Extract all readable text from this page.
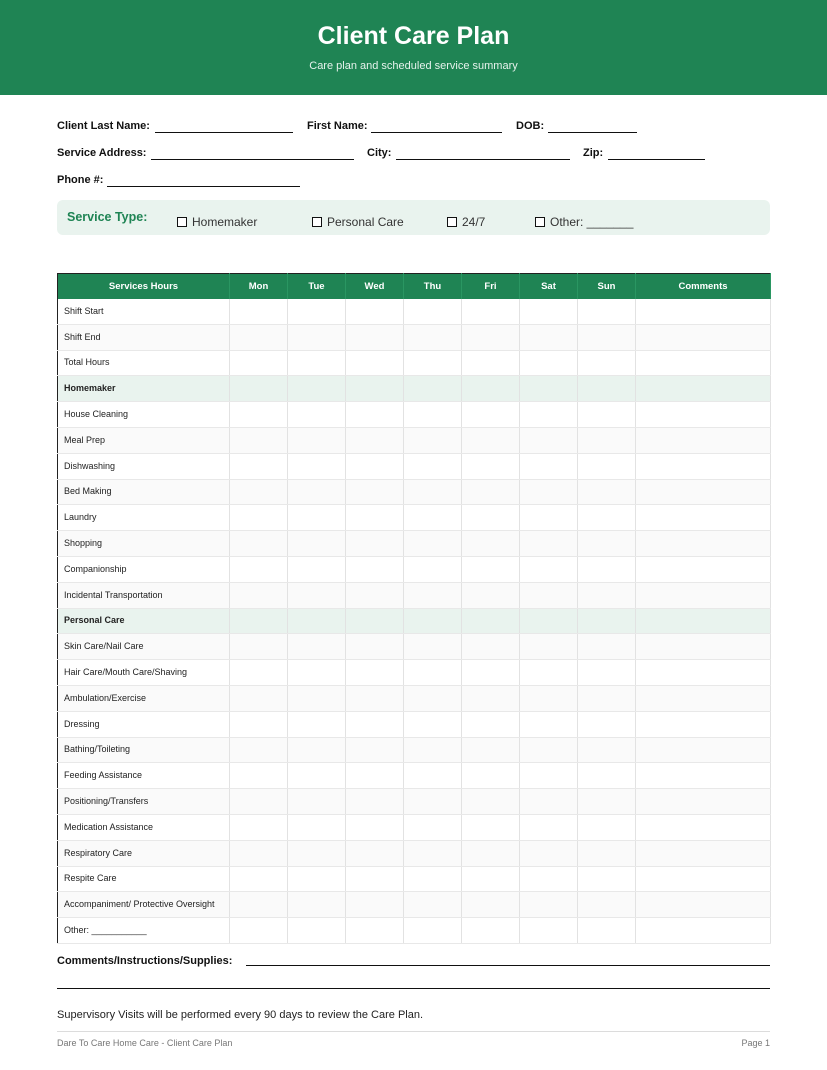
Client Care Plan
Care plan and scheduled service summary
Client Last Name:	First Name:	DOB:
Service Address:	City:	Zip:
Phone #:
Service Type:	Homemaker	Personal Care	24/7	Other: _______
Services Hours	Mon	Tue	Wed	Thu	Fri	Sat	Sun	Comments
Shift Start								
Shift End								
Total Hours								
Homemaker								
House Cleaning								
Meal Prep								
Dishwashing								
Bed Making								
Laundry								
Shopping								
Companionship								
Incidental Transportation								
Personal Care								
Skin Care/Nail Care								
Hair Care/Mouth Care/Shaving								
Ambulation/Exercise								
Dressing								
Bathing/Toileting								
Feeding Assistance								
Positioning/Transfers								
Medication Assistance								
Respiratory Care								
Respite Care								
Accompaniment/ Protective Oversight								
Other: ___________								
Comments/Instructions/Supplies:
Supervisory Visits will be performed every 90 days to review the Care Plan.
Dare To Care Home Care - Client Care Plan	Page 1
